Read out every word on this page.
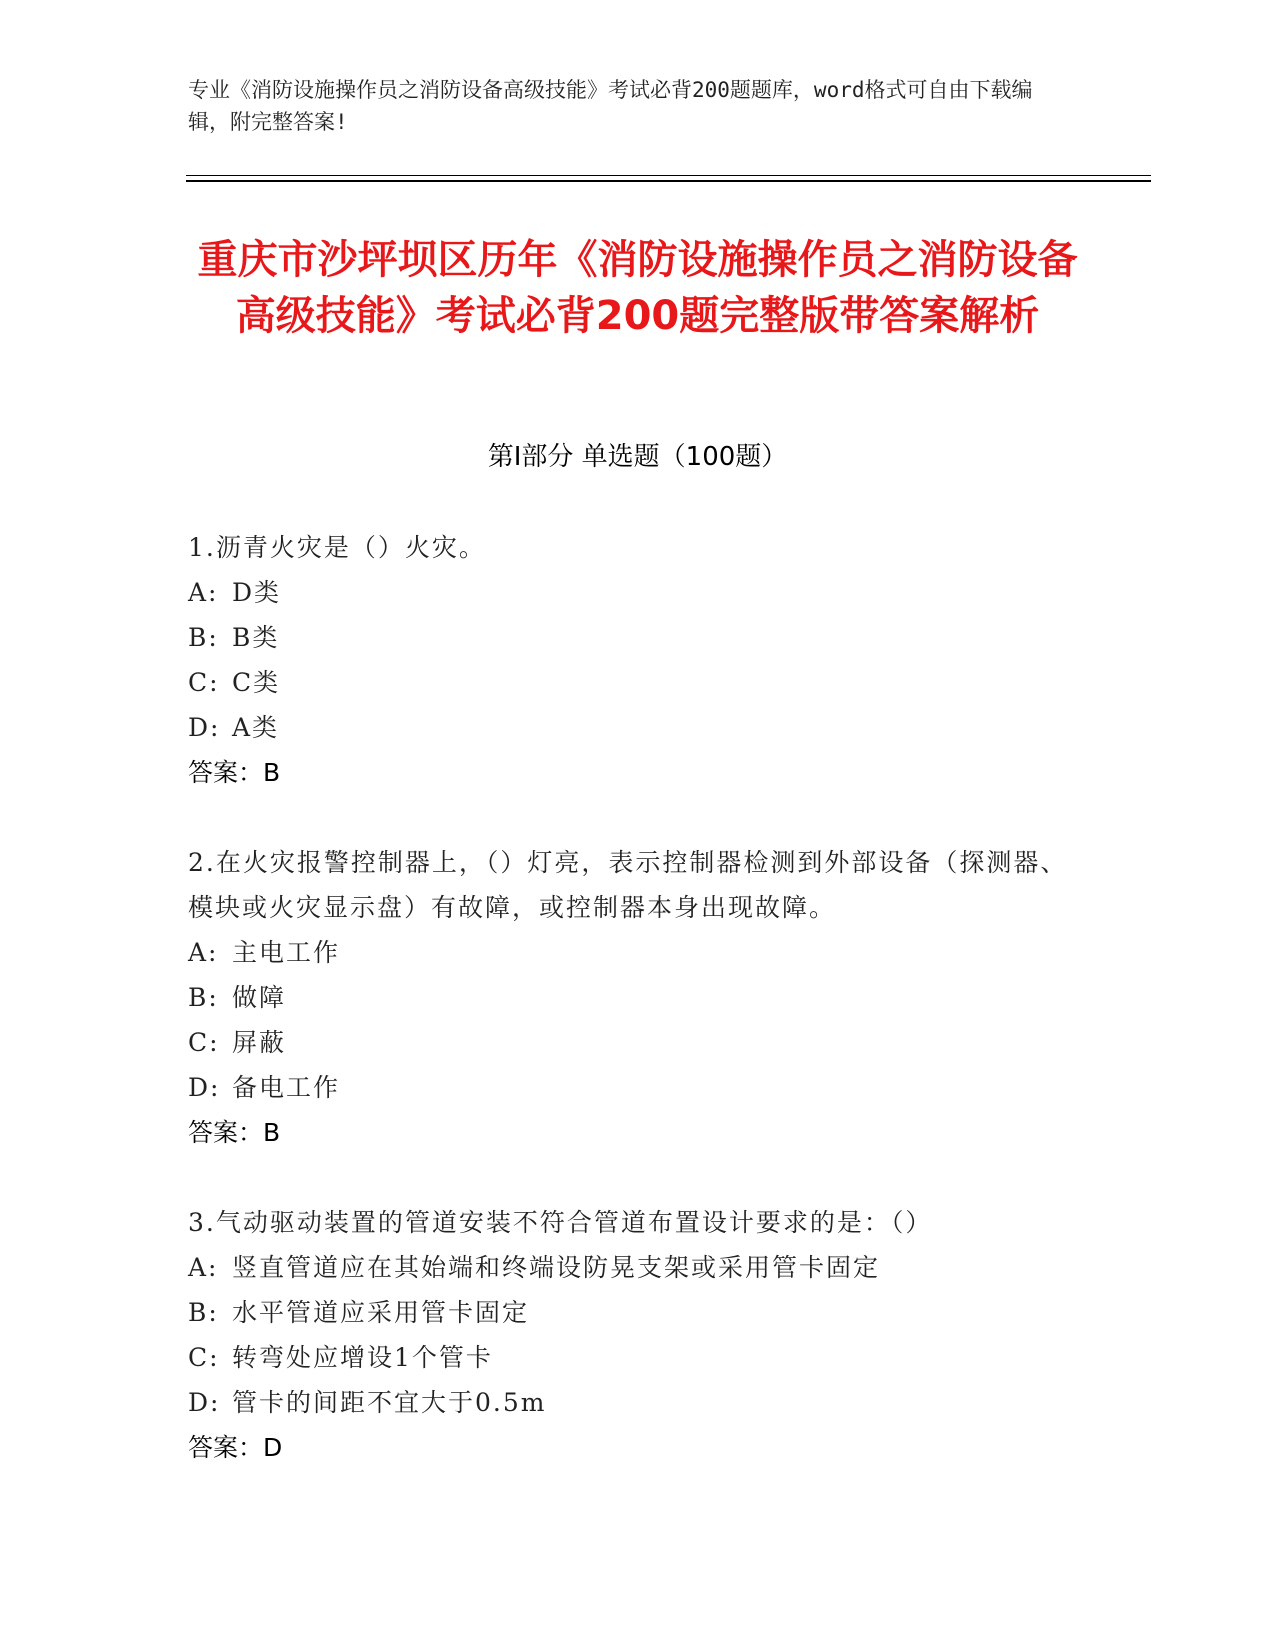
专业《消防设施操作员之消防设备高级技能》考试必背200题题库，word格式可自由下载编辑，附完整答案!
重庆市沙坪坝区历年《消防设施操作员之消防设备高级技能》考试必背200题完整版带答案解析
第I部分 单选题（100题）
1.沥青火灾是（）火灾。
A: D类
B: B类
C: C类
D: A类
答案：B
2.在火灾报警控制器上，（）灯亮，表示控制器检测到外部设备（探测器、模块或火灾显示盘）有故障，或控制器本身出现故障。
A: 主电工作
B: 做障
C: 屏蔽
D: 备电工作
答案：B
3.气动驱动装置的管道安装不符合管道布置设计要求的是：（）
A: 竖直管道应在其始端和终端设防晃支架或采用管卡固定
B: 水平管道应采用管卡固定
C: 转弯处应增设1个管卡
D: 管卡的间距不宜大于0.5m
答案：D
